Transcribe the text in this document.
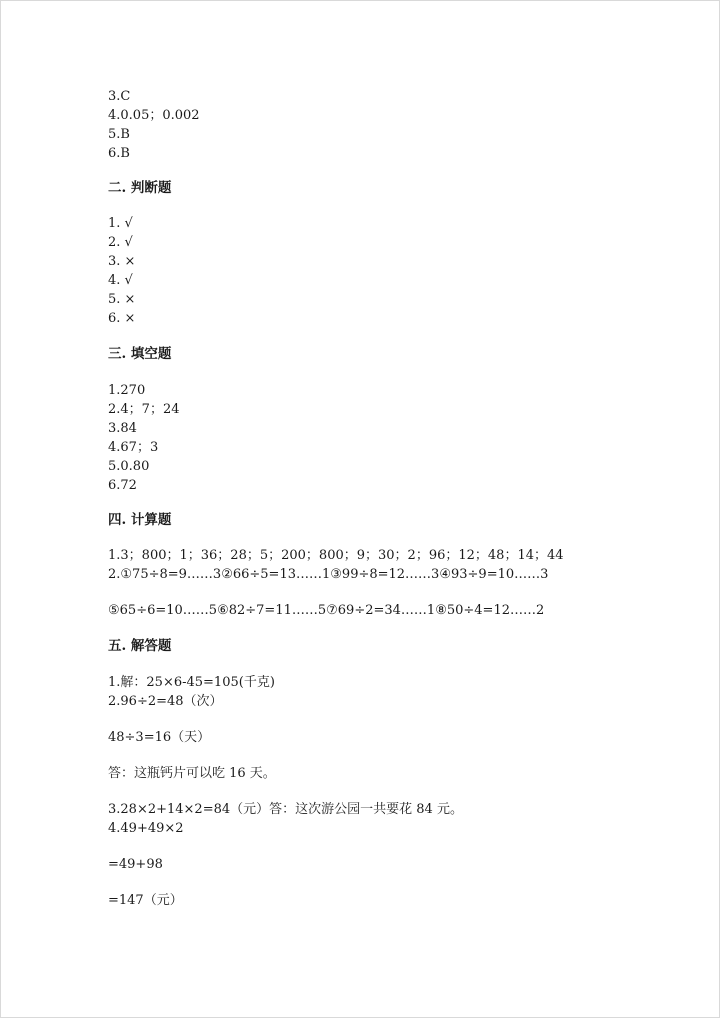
3.C
4.0.05；0.002
5.B
6.B
二. 判断题
1. √
2. √
3. ×
4. √
5. ×
6. ×
三. 填空题
1.270
2.4；7；24
3.84
4.67；3
5.0.80
6.72
四. 计算题
1.3；800；1；36；28；5；200；800；9；30；2；96；12；48；14；44
2.①75÷8=9……3②66÷5=13……1③99÷8=12……3④93÷9=10……3
⑤65÷6=10……5⑥82÷7=11……5⑦69÷2=34……1⑧50÷4=12……2
五. 解答题
1.解：25×6-45=105(千克)
2.96÷2=48（次）
48÷3=16（天）
答：这瓶钙片可以吃 16 天。
3.28×2+14×2=84（元）答：这次游公园一共要花 84 元。
4.49+49×2
=49+98
=147（元）
